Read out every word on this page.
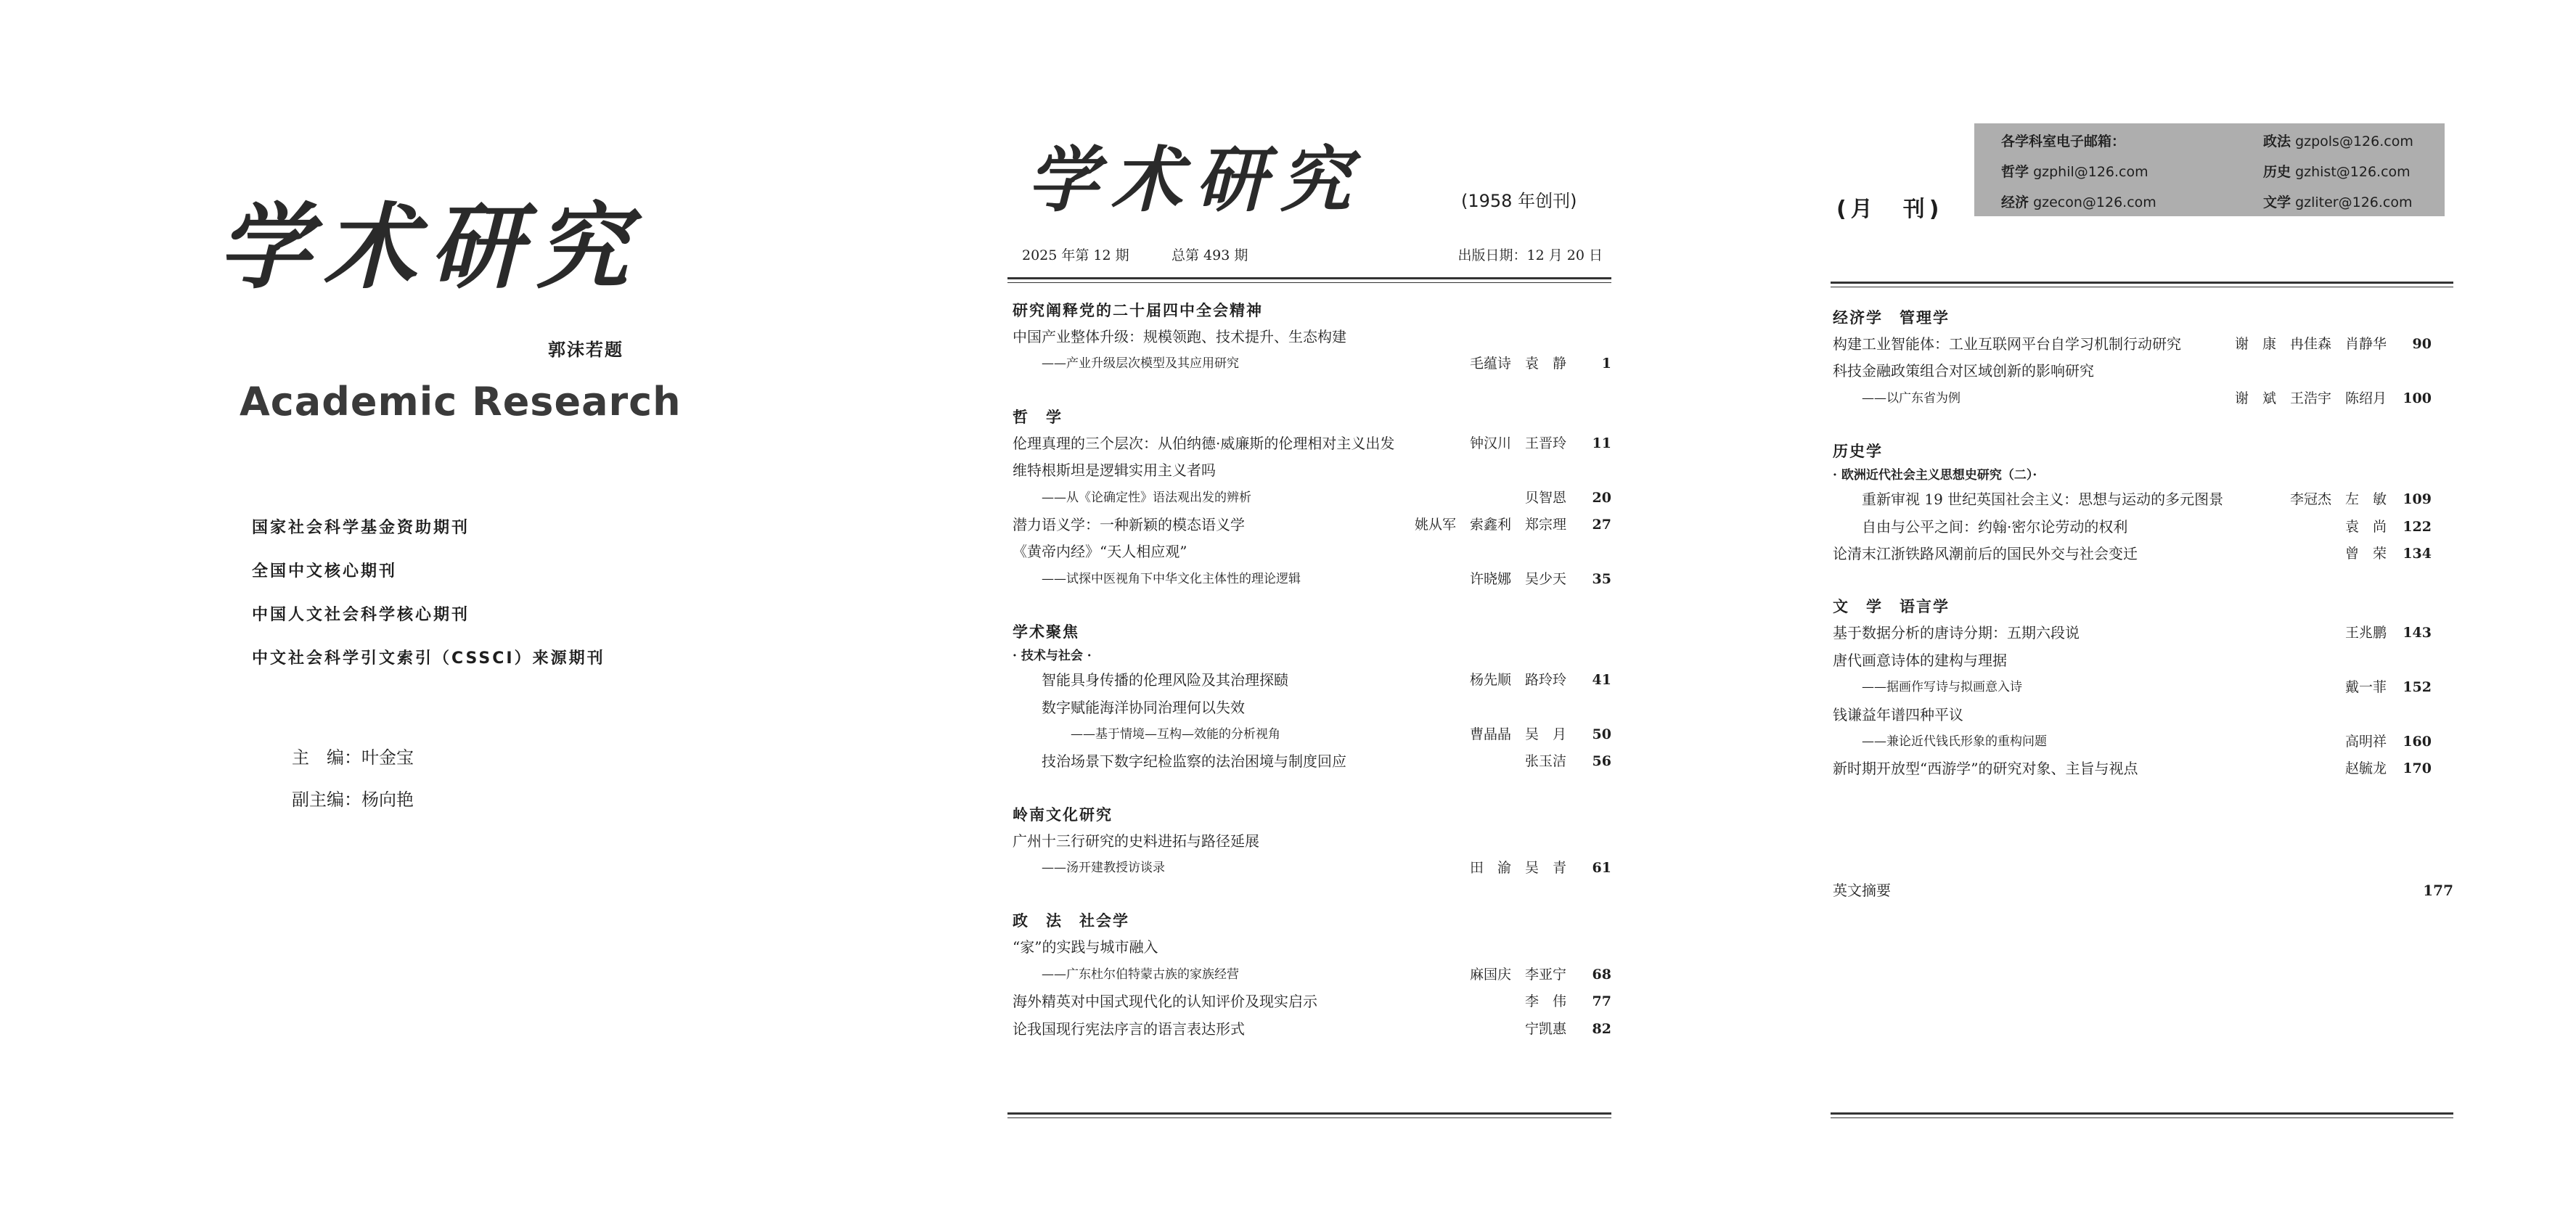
学术研究
郭沫若题
Academic Research
国家社会科学基金资助期刊
全国中文核心期刊
中国人文社会科学核心期刊
中文社会科学引文索引（CSSCI）来源期刊
主　编：叶金宝
副主编：杨向艳
学术研究	(1958 年创刊)
2025 年第 12 期	总第 493 期	出版日期：12 月 20 日
研究阐释党的二十届四中全会精神
中国产业整体升级：规模领跑、技术提升、生态构建
——产业升级层次模型及其应用研究	毛蕴诗　袁　静	1
哲　学
伦理真理的三个层次：从伯纳德·威廉斯的伦理相对主义出发	钟汉川　王晋玲	11
维特根斯坦是逻辑实用主义者吗
——从《论确定性》语法观出发的辨析	贝智恩	20
潜力语义学：一种新颖的模态语义学	姚从军　索鑫利　郑宗理	27
《黄帝内经》“天人相应观”
——试探中医视角下中华文化主体性的理论逻辑	许晓娜　吴少天	35
学术聚焦
· 技术与社会 ·
智能具身传播的伦理风险及其治理探赜	杨先顺　路玲玲	41
数字赋能海洋协同治理何以失效
——基于情境—互构—效能的分析视角	曹晶晶　吴　月	50
技治场景下数字纪检监察的法治困境与制度回应	张玉洁	56
岭南文化研究
广州十三行研究的史料进拓与路径延展
——汤开建教授访谈录	田　渝　吴　青	61
政　法　社会学
“家”的实践与城市融入
——广东杜尔伯特蒙古族的家族经营	麻国庆　李亚宁	68
海外精英对中国式现代化的认知评价及现实启示	李　伟	77
论我国现行宪法序言的语言表达形式	宁凯惠	82
(月　刊)
各学科室电子邮箱：	政法 gzpols@126.com
哲学 gzphil@126.com	历史 gzhist@126.com
经济 gzecon@126.com	文学 gzliter@126.com
经济学　管理学
构建工业智能体：工业互联网平台自学习机制行动研究	谢　康　冉佳森　肖静华	90
科技金融政策组合对区域创新的影响研究
——以广东省为例	谢　斌　王浩宇　陈绍月	100
历史学
· 欧洲近代社会主义思想史研究（二）·
重新审视 19 世纪英国社会主义：思想与运动的多元图景	李冠杰　左　敏	109
自由与公平之间：约翰·密尔论劳动的权利	袁　尚	122
论清末江浙铁路风潮前后的国民外交与社会变迁	曾　荣	134
文　学　语言学
基于数据分析的唐诗分期：五期六段说	王兆鹏	143
唐代画意诗体的建构与理据
——据画作写诗与拟画意入诗	戴一菲	152
钱谦益年谱四种平议
——兼论近代钱氏形象的重构问题	高明祥	160
新时期开放型“西游学”的研究对象、主旨与视点	赵毓龙	170
英文摘要	177
